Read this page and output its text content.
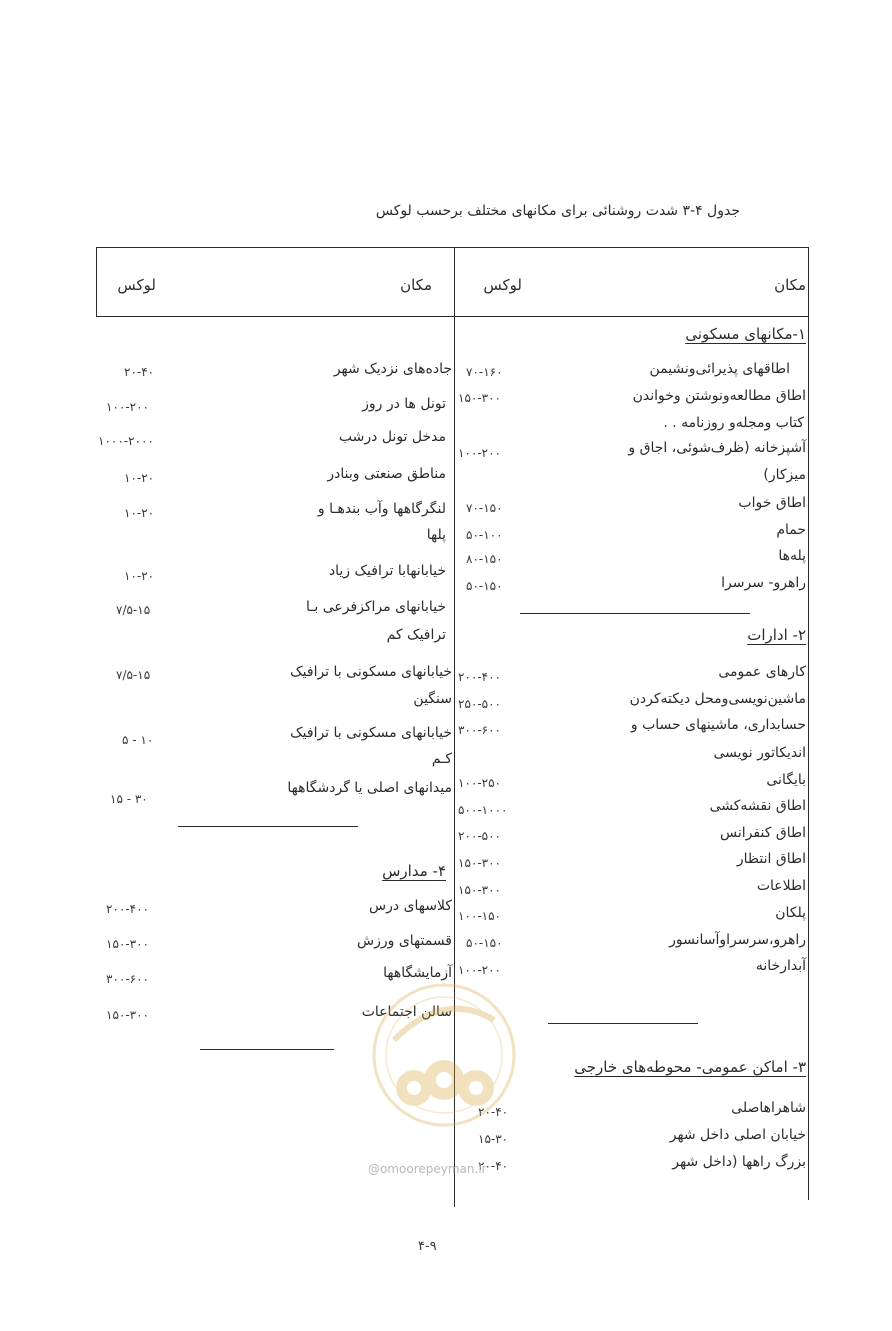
جدول ۴-۳ شدت روشنائی برای مکانهای مختلف برحسب لوکس
مکان
لوکس
مکان
لوکس
۱-مکانهای مسکونی
اطاقهای پذیرائی‌ونشیمن
۷۰-۱۶۰
اطاق مطالعه‌ونوشتن وخواندن
۱۵۰-۳۰۰
کتاب ومجله‌و روزنامه . .
آشپزخانه (ظرف‌شوئی، اجاق و
۱۰۰-۲۰۰
میزکار)
اطاق خواب
۷۰-۱۵۰
حمام
۵۰-۱۰۰
پله‌ها
۸۰-۱۵۰
راهرو- سرسرا
۵۰-۱۵۰
۲- ادارات
کارهای عمومی
۲۰۰-۴۰۰
ماشین‌نویسی‌ومحل دیکته‌کردن
۲۵۰-۵۰۰
حسابداری، ماشینهای حساب و
۳۰۰-۶۰۰
اندیکاتور نویسی
بایگانی
۱۰۰-۲۵۰
اطاق نقشه‌کشی
۵۰۰-۱۰۰۰
اطاق کنفرانس
۲۰۰-۵۰۰
اطاق انتظار
۱۵۰-۳۰۰
اطلاعات
۱۵۰-۳۰۰
پلکان
۱۰۰-۱۵۰
راهرو،سرسراوآسانسور
۵۰-۱۵۰
آبدارخانه
۱۰۰-۲۰۰
۳- اماکن عمومی- محوطه‌های خارجی
شاهراهاصلی
۲۰-۴۰
خیابان اصلی داخل شهر
۱۵-۳۰
بزرگ راهها (داخل شهر
۲۰-۴۰
جاده‌های نزدیک شهر
۲۰-۴۰
تونل ها در روز
۱۰۰-۲۰۰
مدخل تونل درشب
۱۰۰۰-۲۰۰۰
مناطق صنعتی وبنادر
۱۰-۲۰
لنگرگاهها وآب بندهـا و
۱۰-۲۰
پلها
خیابانهابا ترافیک زیاد
۱۰-۲۰
خیابانهای مراکزفرعی بـا
۷/۵-۱۵
ترافیک کم
خیابانهای مسکونی با ترافیک
۷/۵-۱۵
سنگین
خیابانهای مسکونی با ترافیک
۵ - ۱۰
کـم
میدانهای اصلی یا گردشگاهها
۱۵ - ۳۰
۴- مدارس
کلاسهای درس
۲۰۰-۴۰۰
قسمتهای ورزش
۱۵۰-۳۰۰
آزمایشگاهها
۳۰۰-۶۰۰
سالن اجتماعات
۱۵۰-۳۰۰
@omoorepeyman.ir
۴-۹
